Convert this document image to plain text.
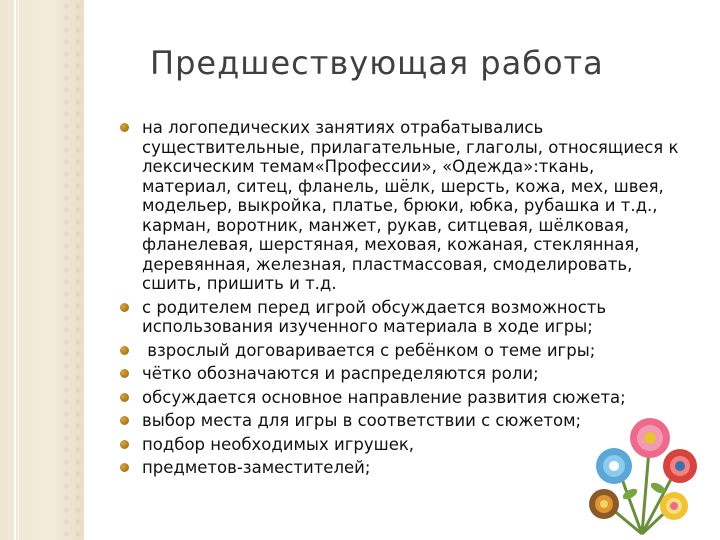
Предшествующая работа
на логопедических занятиях отрабатывались существительные, прилагательные, глаголы, относящиеся к лексическим темам«Профессии», «Одежда»:ткань, материал, ситец, фланель, шёлк, шерсть, кожа, мех, швея, модельер, выкройка, платье, брюки, юбка, рубашка и т.д., карман, воротник, манжет, рукав, ситцевая, шёлковая, фланелевая, шерстяная, меховая, кожаная, стеклянная, деревянная, железная, пластмассовая, смоделировать, сшить, пришить и т.д.
с родителем перед игрой обсуждается возможность использования изученного материала в ходе игры;
взрослый договаривается с ребёнком о теме игры;
чётко обозначаются и распределяются роли;
обсуждается основное направление развития сюжета;
выбор места для игры в соответствии с сюжетом;
подбор необходимых игрушек,
предметов-заместителей;
